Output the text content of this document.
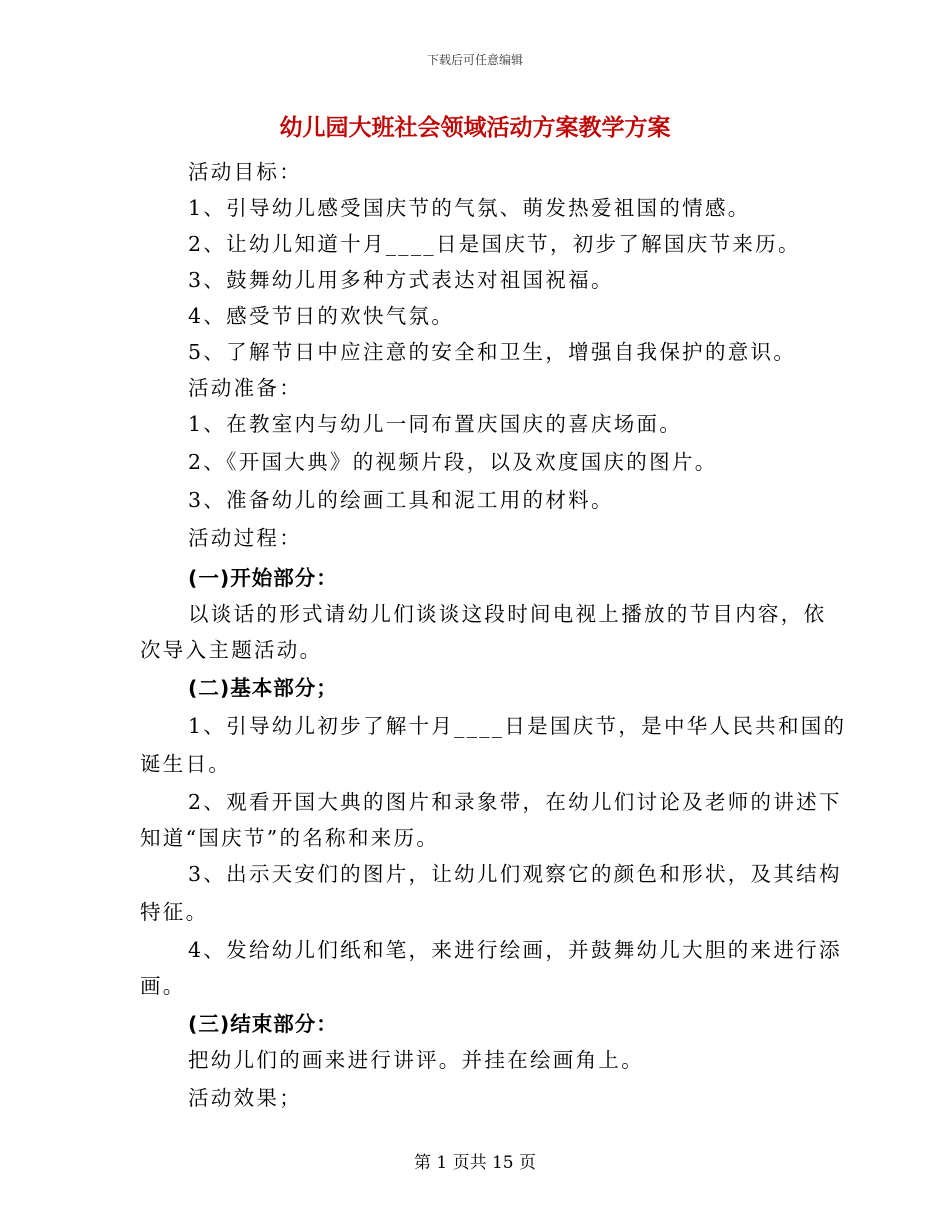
下载后可任意编辑
幼儿园大班社会领域活动方案教学方案
活动目标：
1、引导幼儿感受国庆节的气氛、萌发热爱祖国的情感。
2、让幼儿知道十月____日是国庆节，初步了解国庆节来历。
3、鼓舞幼儿用多种方式表达对祖国祝福。
4、感受节日的欢快气氛。
5、了解节日中应注意的安全和卫生，增强自我保护的意识。
活动准备：
1、在教室内与幼儿一同布置庆国庆的喜庆场面。
2、《开国大典》的视频片段，以及欢度国庆的图片。
3、准备幼儿的绘画工具和泥工用的材料。
活动过程：
(一)开始部分：
以谈话的形式请幼儿们谈谈这段时间电视上播放的节目内容，依
次导入主题活动。
(二)基本部分；
1、引导幼儿初步了解十月____日是国庆节，是中华人民共和国的
诞生日。
2、观看开国大典的图片和录象带，在幼儿们讨论及老师的讲述下
知道“国庆节”的名称和来历。
3、出示天安们的图片，让幼儿们观察它的颜色和形状，及其结构
特征。
4、发给幼儿们纸和笔，来进行绘画，并鼓舞幼儿大胆的来进行添
画。
(三)结束部分：
把幼儿们的画来进行讲评。并挂在绘画角上。
活动效果；
第 1 页共 15 页
